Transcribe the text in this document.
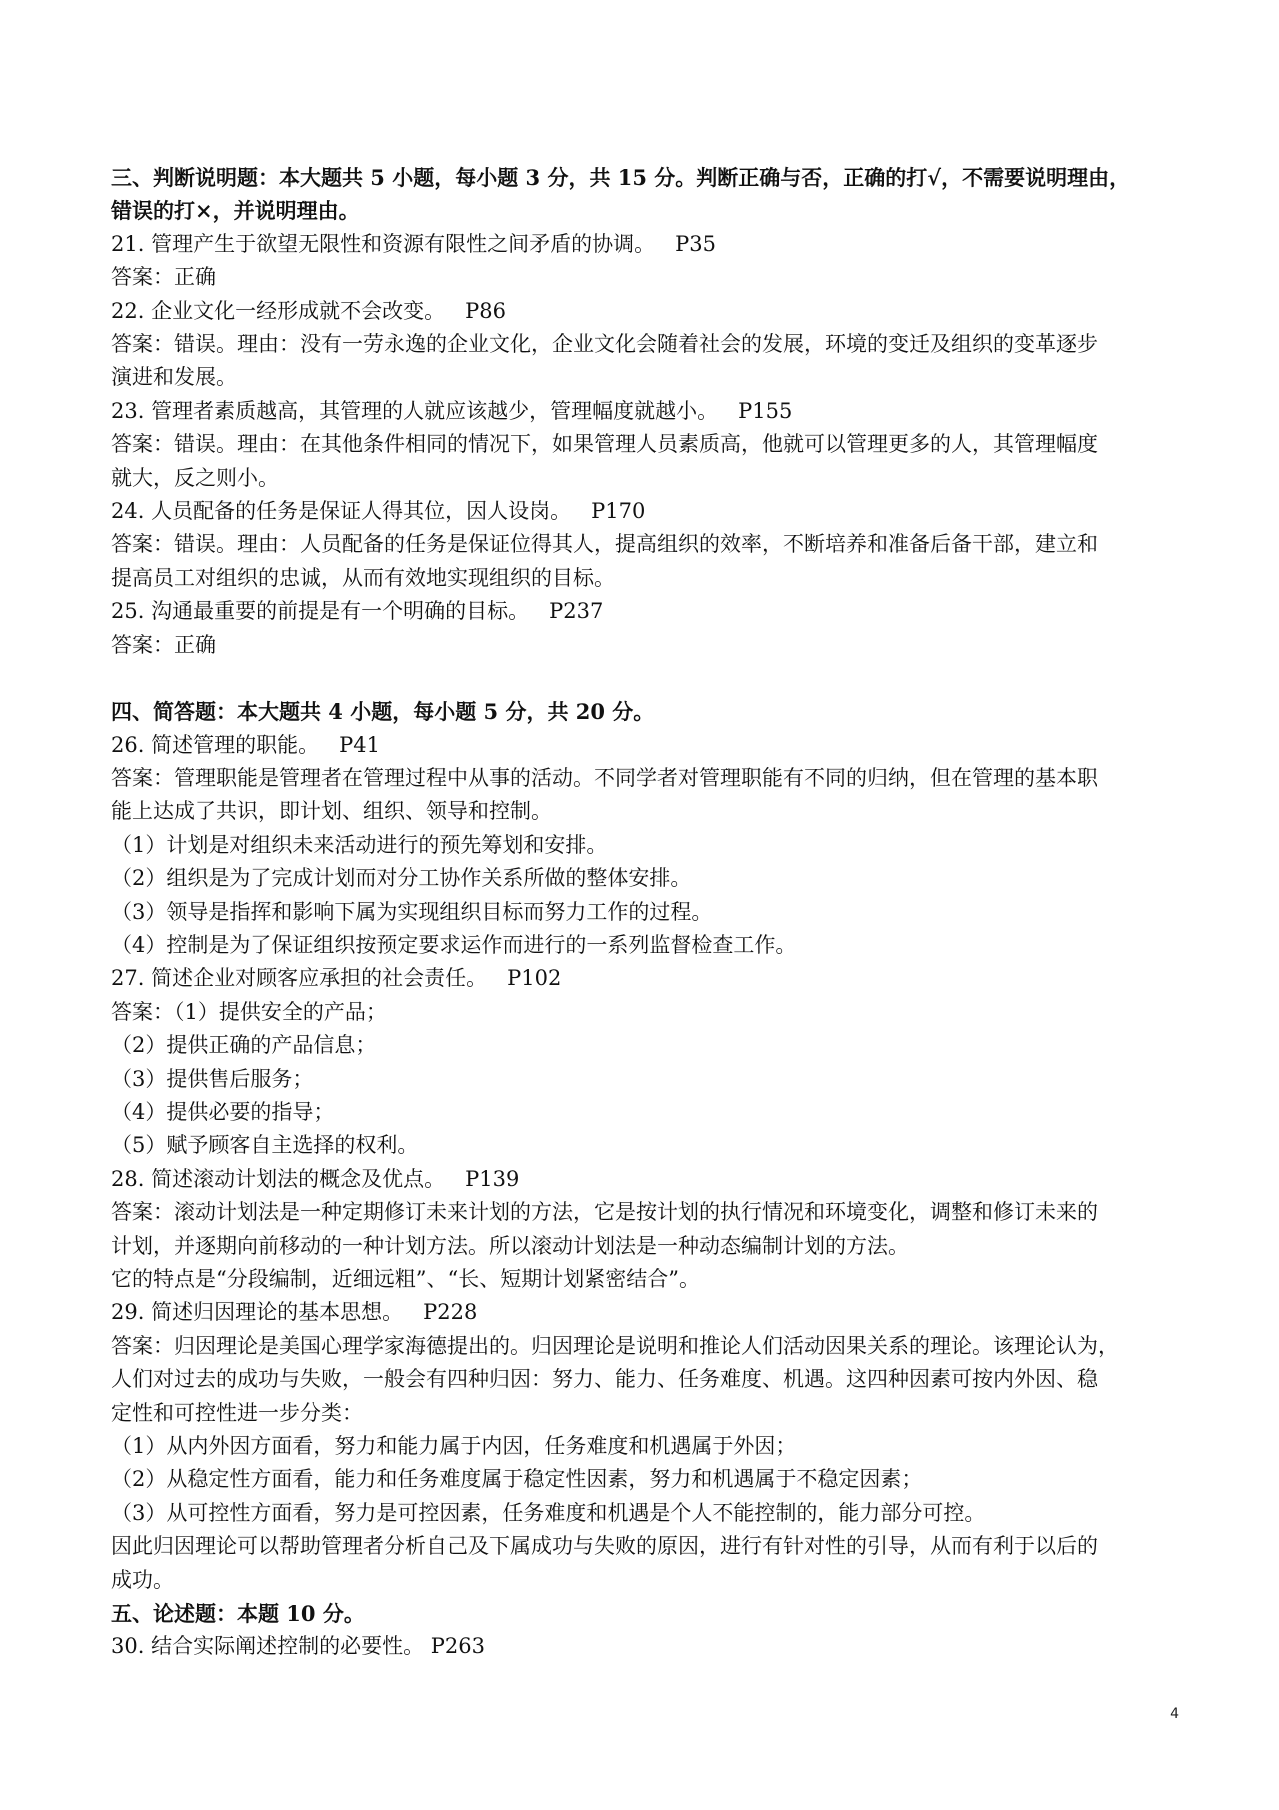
三、判断说明题：本大题共 5 小题，每小题 3 分，共 15 分。判断正确与否，正确的打√，不需要说明理由，
错误的打×，并说明理由。
21. 管理产生于欲望无限性和资源有限性之间矛盾的协调。   P35
答案：正确
22. 企业文化一经形成就不会改变。   P86
答案：错误。理由：没有一劳永逸的企业文化，企业文化会随着社会的发展，环境的变迁及组织的变革逐步
演进和发展。
23. 管理者素质越高，其管理的人就应该越少，管理幅度就越小。   P155
答案：错误。理由：在其他条件相同的情况下，如果管理人员素质高，他就可以管理更多的人，其管理幅度
就大，反之则小。
24. 人员配备的任务是保证人得其位，因人设岗。   P170
答案：错误。理由：人员配备的任务是保证位得其人，提高组织的效率，不断培养和准备后备干部，建立和
提高员工对组织的忠诚，从而有效地实现组织的目标。
25. 沟通最重要的前提是有一个明确的目标。   P237
答案：正确
四、简答题：本大题共 4 小题，每小题 5 分，共 20 分。
26. 简述管理的职能。   P41
答案：管理职能是管理者在管理过程中从事的活动。不同学者对管理职能有不同的归纳，但在管理的基本职
能上达成了共识，即计划、组织、领导和控制。
（1）计划是对组织未来活动进行的预先筹划和安排。
（2）组织是为了完成计划而对分工协作关系所做的整体安排。
（3）领导是指挥和影响下属为实现组织目标而努力工作的过程。
（4）控制是为了保证组织按预定要求运作而进行的一系列监督检查工作。
27. 简述企业对顾客应承担的社会责任。   P102
答案：（1）提供安全的产品；
（2）提供正确的产品信息；
（3）提供售后服务；
（4）提供必要的指导；
（5）赋予顾客自主选择的权利。
28. 简述滚动计划法的概念及优点。   P139
答案：滚动计划法是一种定期修订未来计划的方法，它是按计划的执行情况和环境变化，调整和修订未来的
计划，并逐期向前移动的一种计划方法。所以滚动计划法是一种动态编制计划的方法。
它的特点是“分段编制，近细远粗”、“长、短期计划紧密结合”。
29. 简述归因理论的基本思想。   P228
答案：归因理论是美国心理学家海德提出的。归因理论是说明和推论人们活动因果关系的理论。该理论认为，
人们对过去的成功与失败，一般会有四种归因：努力、能力、任务难度、机遇。这四种因素可按内外因、稳
定性和可控性进一步分类：
（1）从内外因方面看，努力和能力属于内因，任务难度和机遇属于外因；
（2）从稳定性方面看，能力和任务难度属于稳定性因素，努力和机遇属于不稳定因素；
（3）从可控性方面看，努力是可控因素，任务难度和机遇是个人不能控制的，能力部分可控。
因此归因理论可以帮助管理者分析自己及下属成功与失败的原因，进行有针对性的引导，从而有利于以后的
成功。
五、论述题：本题 10 分。
30. 结合实际阐述控制的必要性。 P263
4
